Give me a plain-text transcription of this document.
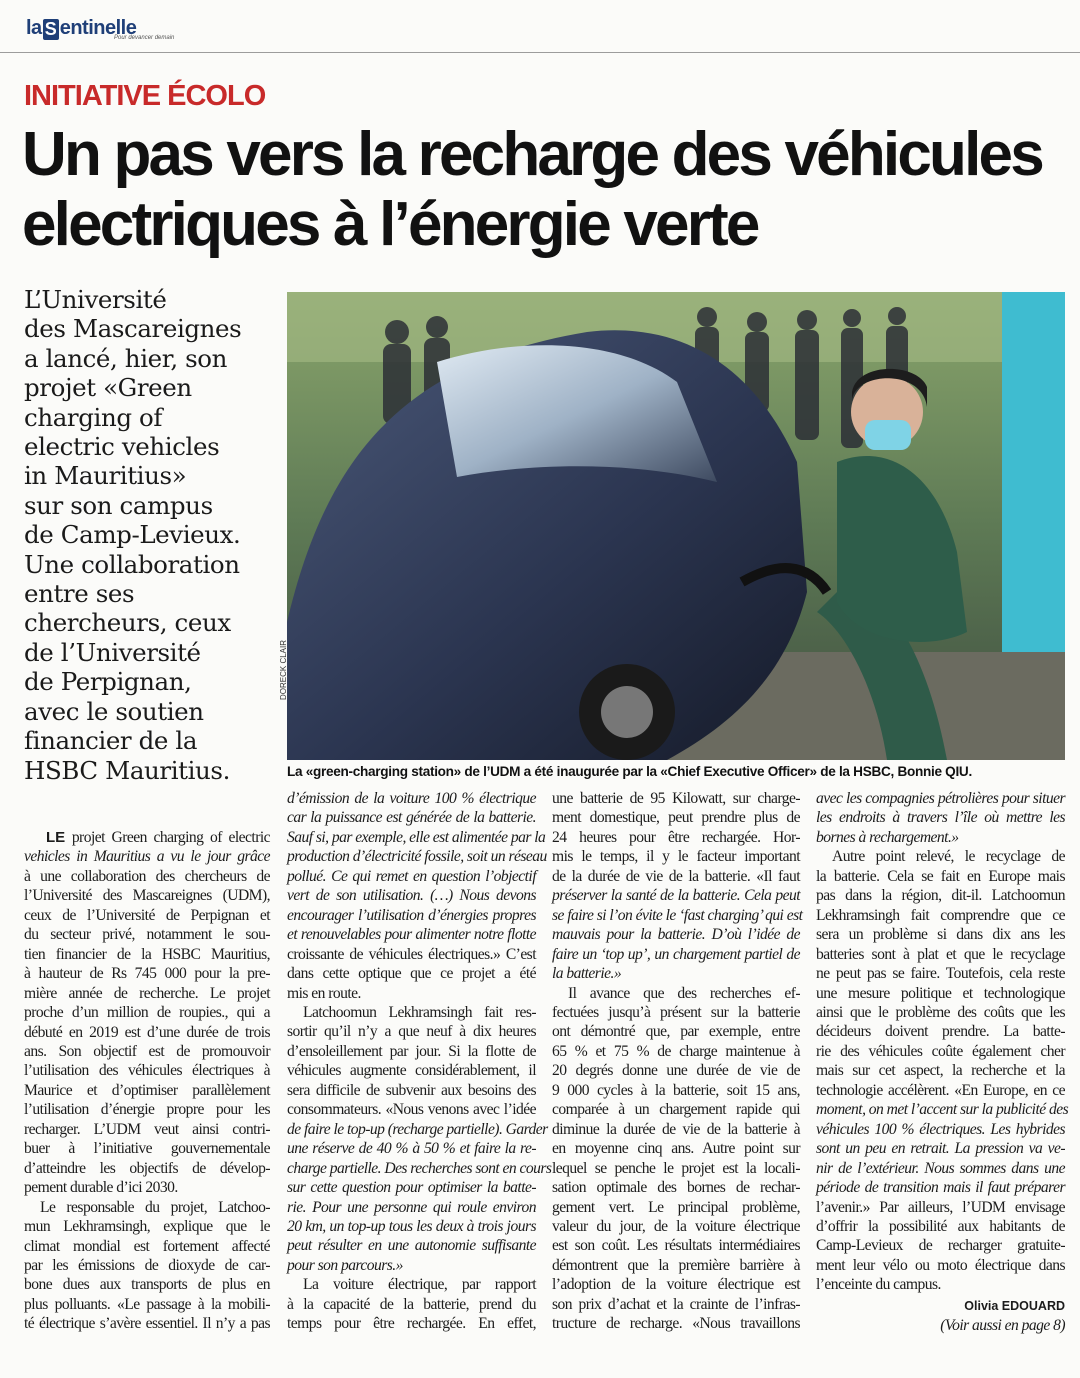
la S entinelle
Pour devancer demain
INITIATIVE ÉCOLO
Un pas vers la recharge des véhicules
electriques à l’énergie verte
L’Université
des Mascareignes
a lancé, hier, son
projet «Green
charging of
electric vehicles
in Mauritius»
sur son campus
de Camp-Levieux.
Une collaboration
entre ses
chercheurs, ceux
de l’Université
de Perpignan,
avec le soutien
financier de la
HSBC Mauritius.
DORECK CLAIR
La «green-charging station» de l’UDM a été inaugurée par la «Chief Executive Officer» de la HSBC, Bonnie QIU.
LE projet Green charging of electric
vehicles in Mauritius a vu le jour grâce
à une collaboration des chercheurs de
l’Université des Mascareignes (UDM),
ceux de l’Université de Perpignan et
du secteur privé, notamment le sou-
tien financier de la HSBC Mauritius,
à hauteur de Rs 745 000 pour la pre-
mière année de recherche. Le projet
proche d’un million de roupies., qui a
débuté en 2019 est d’une durée de trois
ans. Son objectif est de promouvoir
l’utilisation des véhicules électriques à
Maurice et d’optimiser parallèlement
l’utilisation d’énergie propre pour les
recharger. L’UDM veut ainsi contri-
buer à l’initiative gouvernementale
d’atteindre les objectifs de dévelop-
pement durable d’ici 2030.
Le responsable du projet, Latchoo-
mun Lekhramsingh, explique que le
climat mondial est fortement affecté
par les émissions de dioxyde de car-
bone dues aux transports de plus en
plus polluants. «Le passage à la mobili-
té électrique s’avère essentiel. Il n’y a pas
d’émission de la voiture 100 % électrique
car la puissance est générée de la batterie.
Sauf si, par exemple, elle est alimentée par la
production d’électricité fossile, soit un réseau
pollué. Ce qui remet en question l’objectif
vert de son utilisation. (…) Nous devons
encourager l’utilisation d’énergies propres
et renouvelables pour alimenter notre flotte
croissante de véhicules électriques.» C’est
dans cette optique que ce projet a été
mis en route.
Latchoomun Lekhramsingh fait res-
sortir qu’il n’y a que neuf à dix heures
d’ensoleillement par jour. Si la flotte de
véhicules augmente considérablement, il
sera difficile de subvenir aux besoins des
consommateurs. «Nous venons avec l’idée
de faire le top-up (recharge partielle). Garder
une réserve de 40 % à 50 % et faire la re-
charge partielle. Des recherches sont en cours
sur cette question pour optimiser la batte-
rie. Pour une personne qui roule environ
20 km, un top-up tous les deux à trois jours
peut résulter en une autonomie suffisante
pour son parcours.»
La voiture électrique, par rapport
à la capacité de la batterie, prend du
temps pour être rechargée. En effet,
une batterie de 95 Kilowatt, sur charge-
ment domestique, peut prendre plus de
24 heures pour être rechargée. Hor-
mis le temps, il y le facteur important
de la durée de vie de la batterie. «Il faut
préserver la santé de la batterie. Cela peut
se faire si l’on évite le ‘fast charging’ qui est
mauvais pour la batterie. D’où l’idée de
faire un ‘top up’, un chargement partiel de
la batterie.»
Il avance que des recherches ef-
fectuées jusqu’à présent sur la batterie
ont démontré que, par exemple, entre
65 % et 75 % de charge maintenue à
20 degrés donne une durée de vie de
9 000 cycles à la batterie, soit 15 ans,
comparée à un chargement rapide qui
diminue la durée de vie de la batterie à
en moyenne cinq ans. Autre point sur
lequel se penche le projet est la locali-
sation optimale des bornes de rechar-
gement vert. Le principal problème,
valeur du jour, de la voiture électrique
est son coût. Les résultats intermédiaires
démontrent que la première barrière à
l’adoption de la voiture électrique est
son prix d’achat et la crainte de l’infras-
tructure de recharge. «Nous travaillons
avec les compagnies pétrolières pour situer
les endroits à travers l’île où mettre les
bornes à rechargement.»
Autre point relevé, le recyclage de
la batterie. Cela se fait en Europe mais
pas dans la région, dit-il. Latchoomun
Lekhramsingh fait comprendre que ce
sera un problème si dans dix ans les
batteries sont à plat et que le recyclage
ne peut pas se faire. Toutefois, cela reste
une mesure politique et technologique
ainsi que le problème des coûts que les
décideurs doivent prendre. La batte-
rie des véhicules coûte également cher
mais sur cet aspect, la recherche et la
technologie accélèrent. «En Europe, en ce
moment, on met l’accent sur la publicité des
véhicules 100 % électriques. Les hybrides
sont un peu en retrait. La pression va ve-
nir de l’extérieur. Nous sommes dans une
période de transition mais il faut préparer
l’avenir.» Par ailleurs, l’UDM envisage
d’offrir la possibilité aux habitants de
Camp-Levieux de recharger gratuite-
ment leur vélo ou moto électrique dans
l’enceinte du campus.
Olivia EDOUARD
(Voir aussi en page 8)
